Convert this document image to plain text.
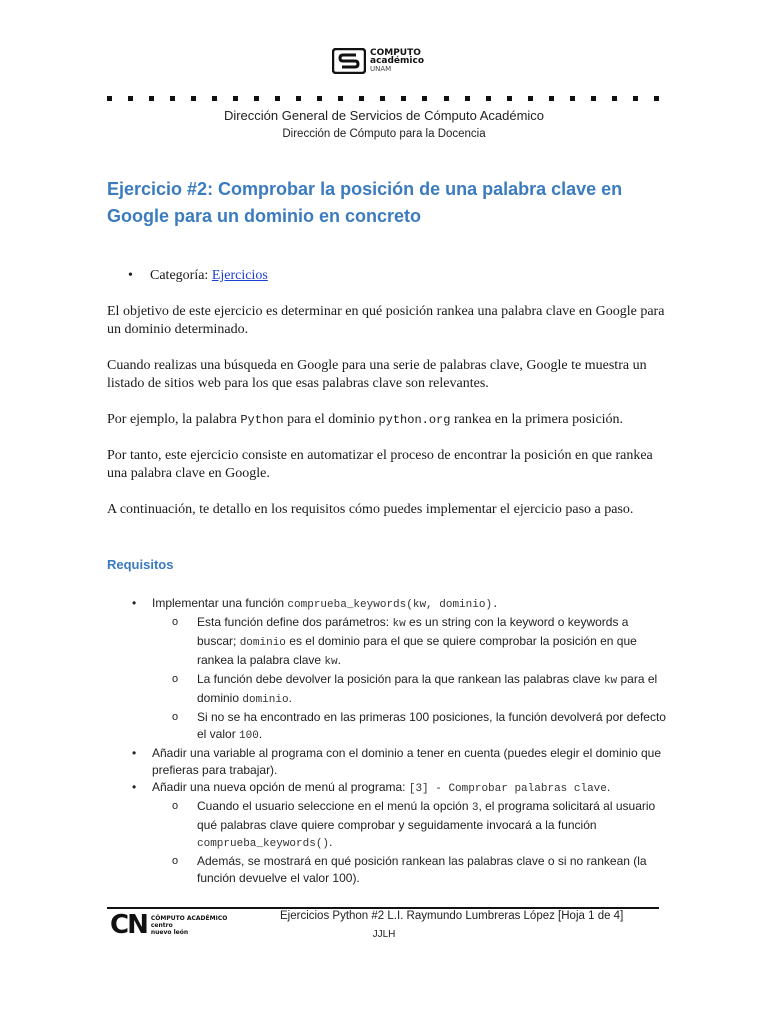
COMPUTO
académico
UNAM
Dirección General de Servicios de Cómputo Académico
Dirección de Cómputo para la Docencia
Ejercicio #2: Comprobar la posición de una palabra clave en Google para un dominio en concreto
• Categoría: Ejercicios

El objetivo de este ejercicio es determinar en qué posición rankea una palabra clave en Google para un dominio determinado.

Cuando realizas una búsqueda en Google para una serie de palabras clave, Google te muestra un listado de sitios web para los que esas palabras clave son relevantes.

Por ejemplo, la palabra Python para el dominio python.org rankea en la primera posición.

Por tanto, este ejercicio consiste en automatizar el proceso de encontrar la posición en que rankea una palabra clave en Google.

A continuación, te detallo en los requisitos cómo puedes implementar el ejercicio paso a paso.

Requisitos
• Implementar una función comprueba_keywords(kw, dominio).
o Esta función define dos parámetros: kw es un string con la keyword o keywords a buscar; dominio es el dominio para el que se quiere comprobar la posición en que rankea la palabra clave kw.
o La función debe devolver la posición para la que rankean las palabras clave kw para el dominio dominio.
o Si no se ha encontrado en las primeras 100 posiciones, la función devolverá por defecto el valor 100.
• Añadir una variable al programa con el dominio a tener en cuenta (puedes elegir el dominio que prefieras para trabajar).
• Añadir una nueva opción de menú al programa: [3] - Comprobar palabras clave.
o Cuando el usuario seleccione en el menú la opción 3, el programa solicitará al usuario qué palabras clave quiere comprobar y seguidamente invocará a la función comprueba_keywords().
o Además, se mostrará en qué posición rankean las palabras clave o si no rankean (la función devuelve el valor 100).
CN CÓMPUTO ACADÉMICO
centro
nuevo león
Ejercicios Python #2 L.I. Raymundo Lumbreras López [Hoja 1 de 4]
JJLH
